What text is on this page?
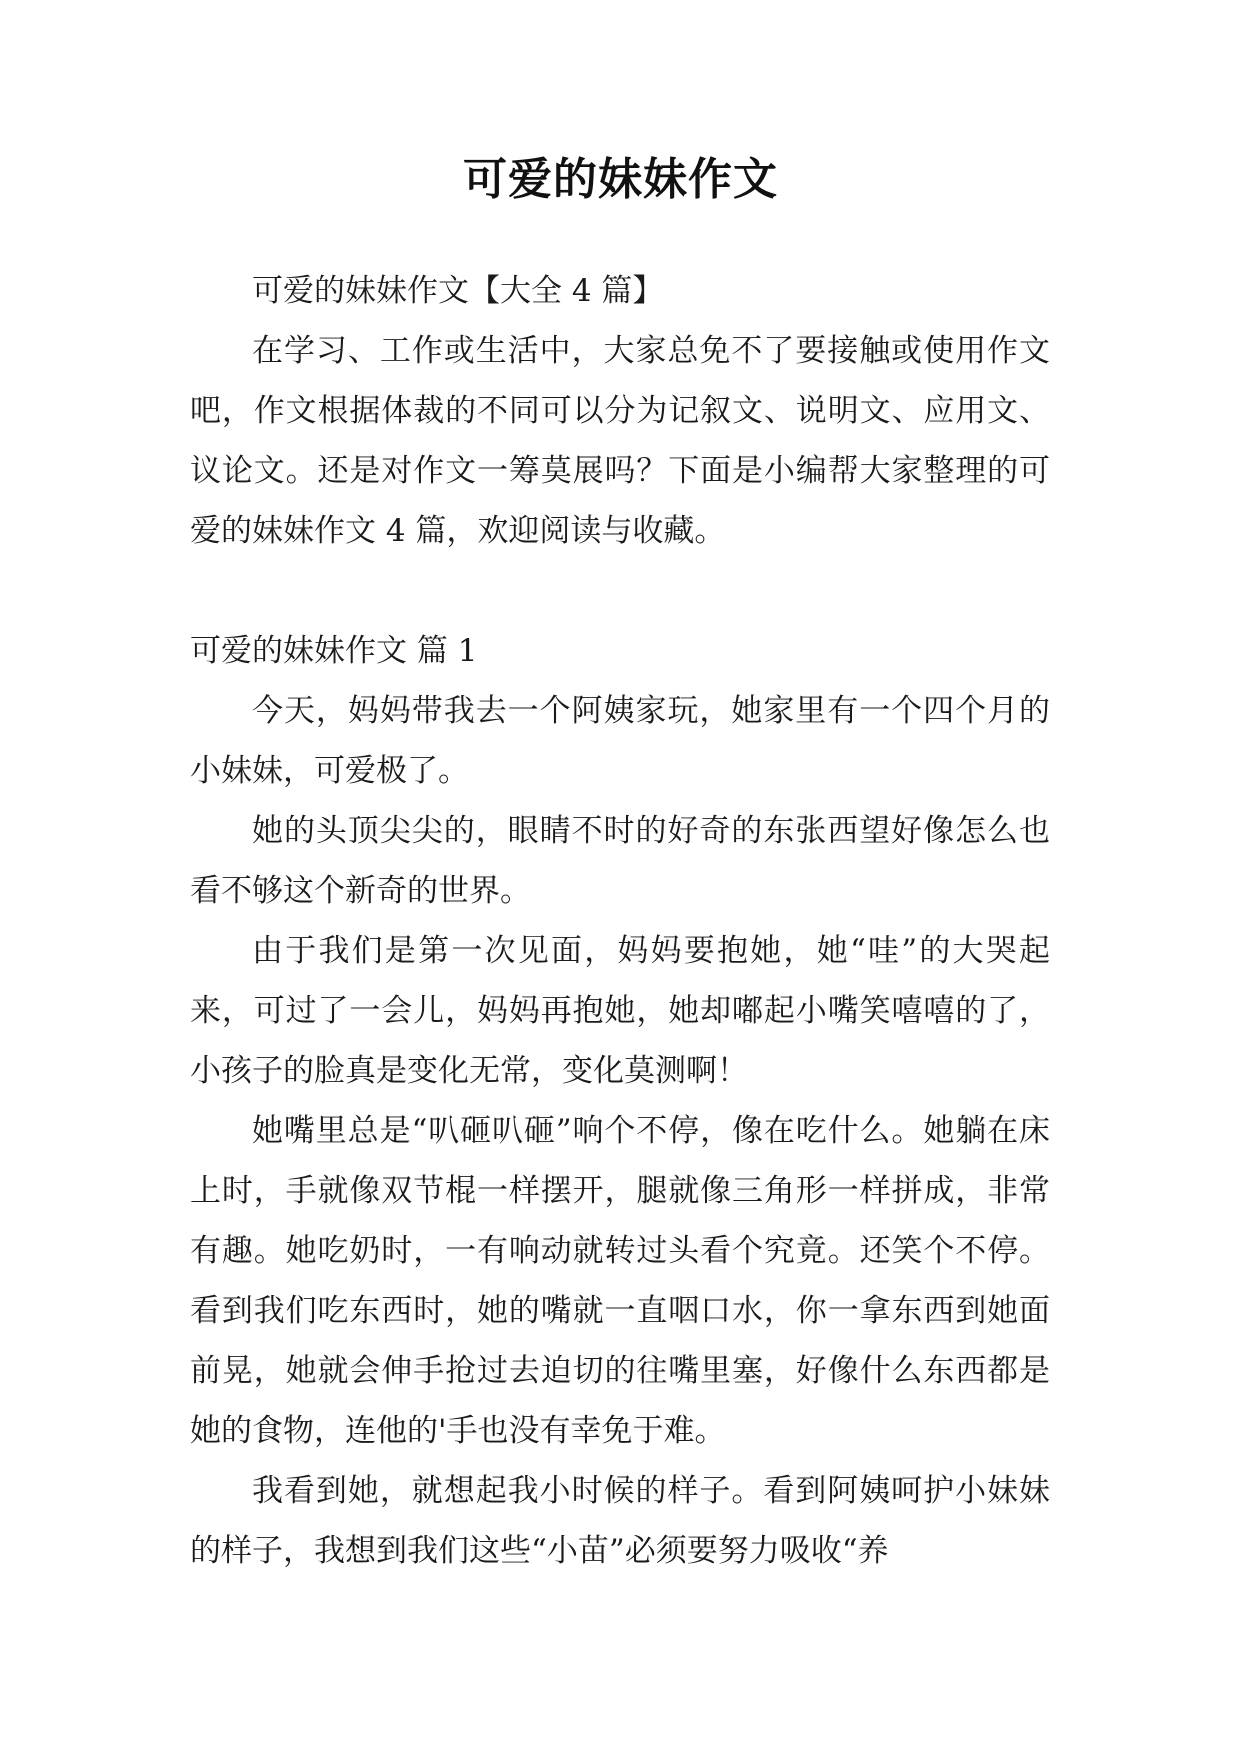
可爱的妹妹作文

可爱的妹妹作文【大全 4 篇】

在学习、工作或生活中，大家总免不了要接触或使用作文吧，作文根据体裁的不同可以分为记叙文、说明文、应用文、议论文。还是对作文一筹莫展吗？下面是小编帮大家整理的可爱的妹妹作文 4 篇，欢迎阅读与收藏。

可爱的妹妹作文 篇 1

今天，妈妈带我去一个阿姨家玩，她家里有一个四个月的小妹妹，可爱极了。

她的头顶尖尖的，眼睛不时的好奇的东张西望好像怎么也看不够这个新奇的世界。

由于我们是第一次见面，妈妈要抱她，她“哇”的大哭起来，可过了一会儿，妈妈再抱她，她却嘟起小嘴笑嘻嘻的了，小孩子的脸真是变化无常，变化莫测啊！

她嘴里总是“叭砸叭砸”响个不停，像在吃什么。她躺在床上时，手就像双节棍一样摆开，腿就像三角形一样拼成，非常有趣。她吃奶时，一有响动就转过头看个究竟。还笑个不停。看到我们吃东西时，她的嘴就一直咽口水，你一拿东西到她面前晃，她就会伸手抢过去迫切的往嘴里塞，好像什么东西都是她的食物，连他的'手也没有幸免于难。

我看到她，就想起我小时候的样子。看到阿姨呵护小妹妹的样子，我想到我们这些“小苗”必须要努力吸收“养
